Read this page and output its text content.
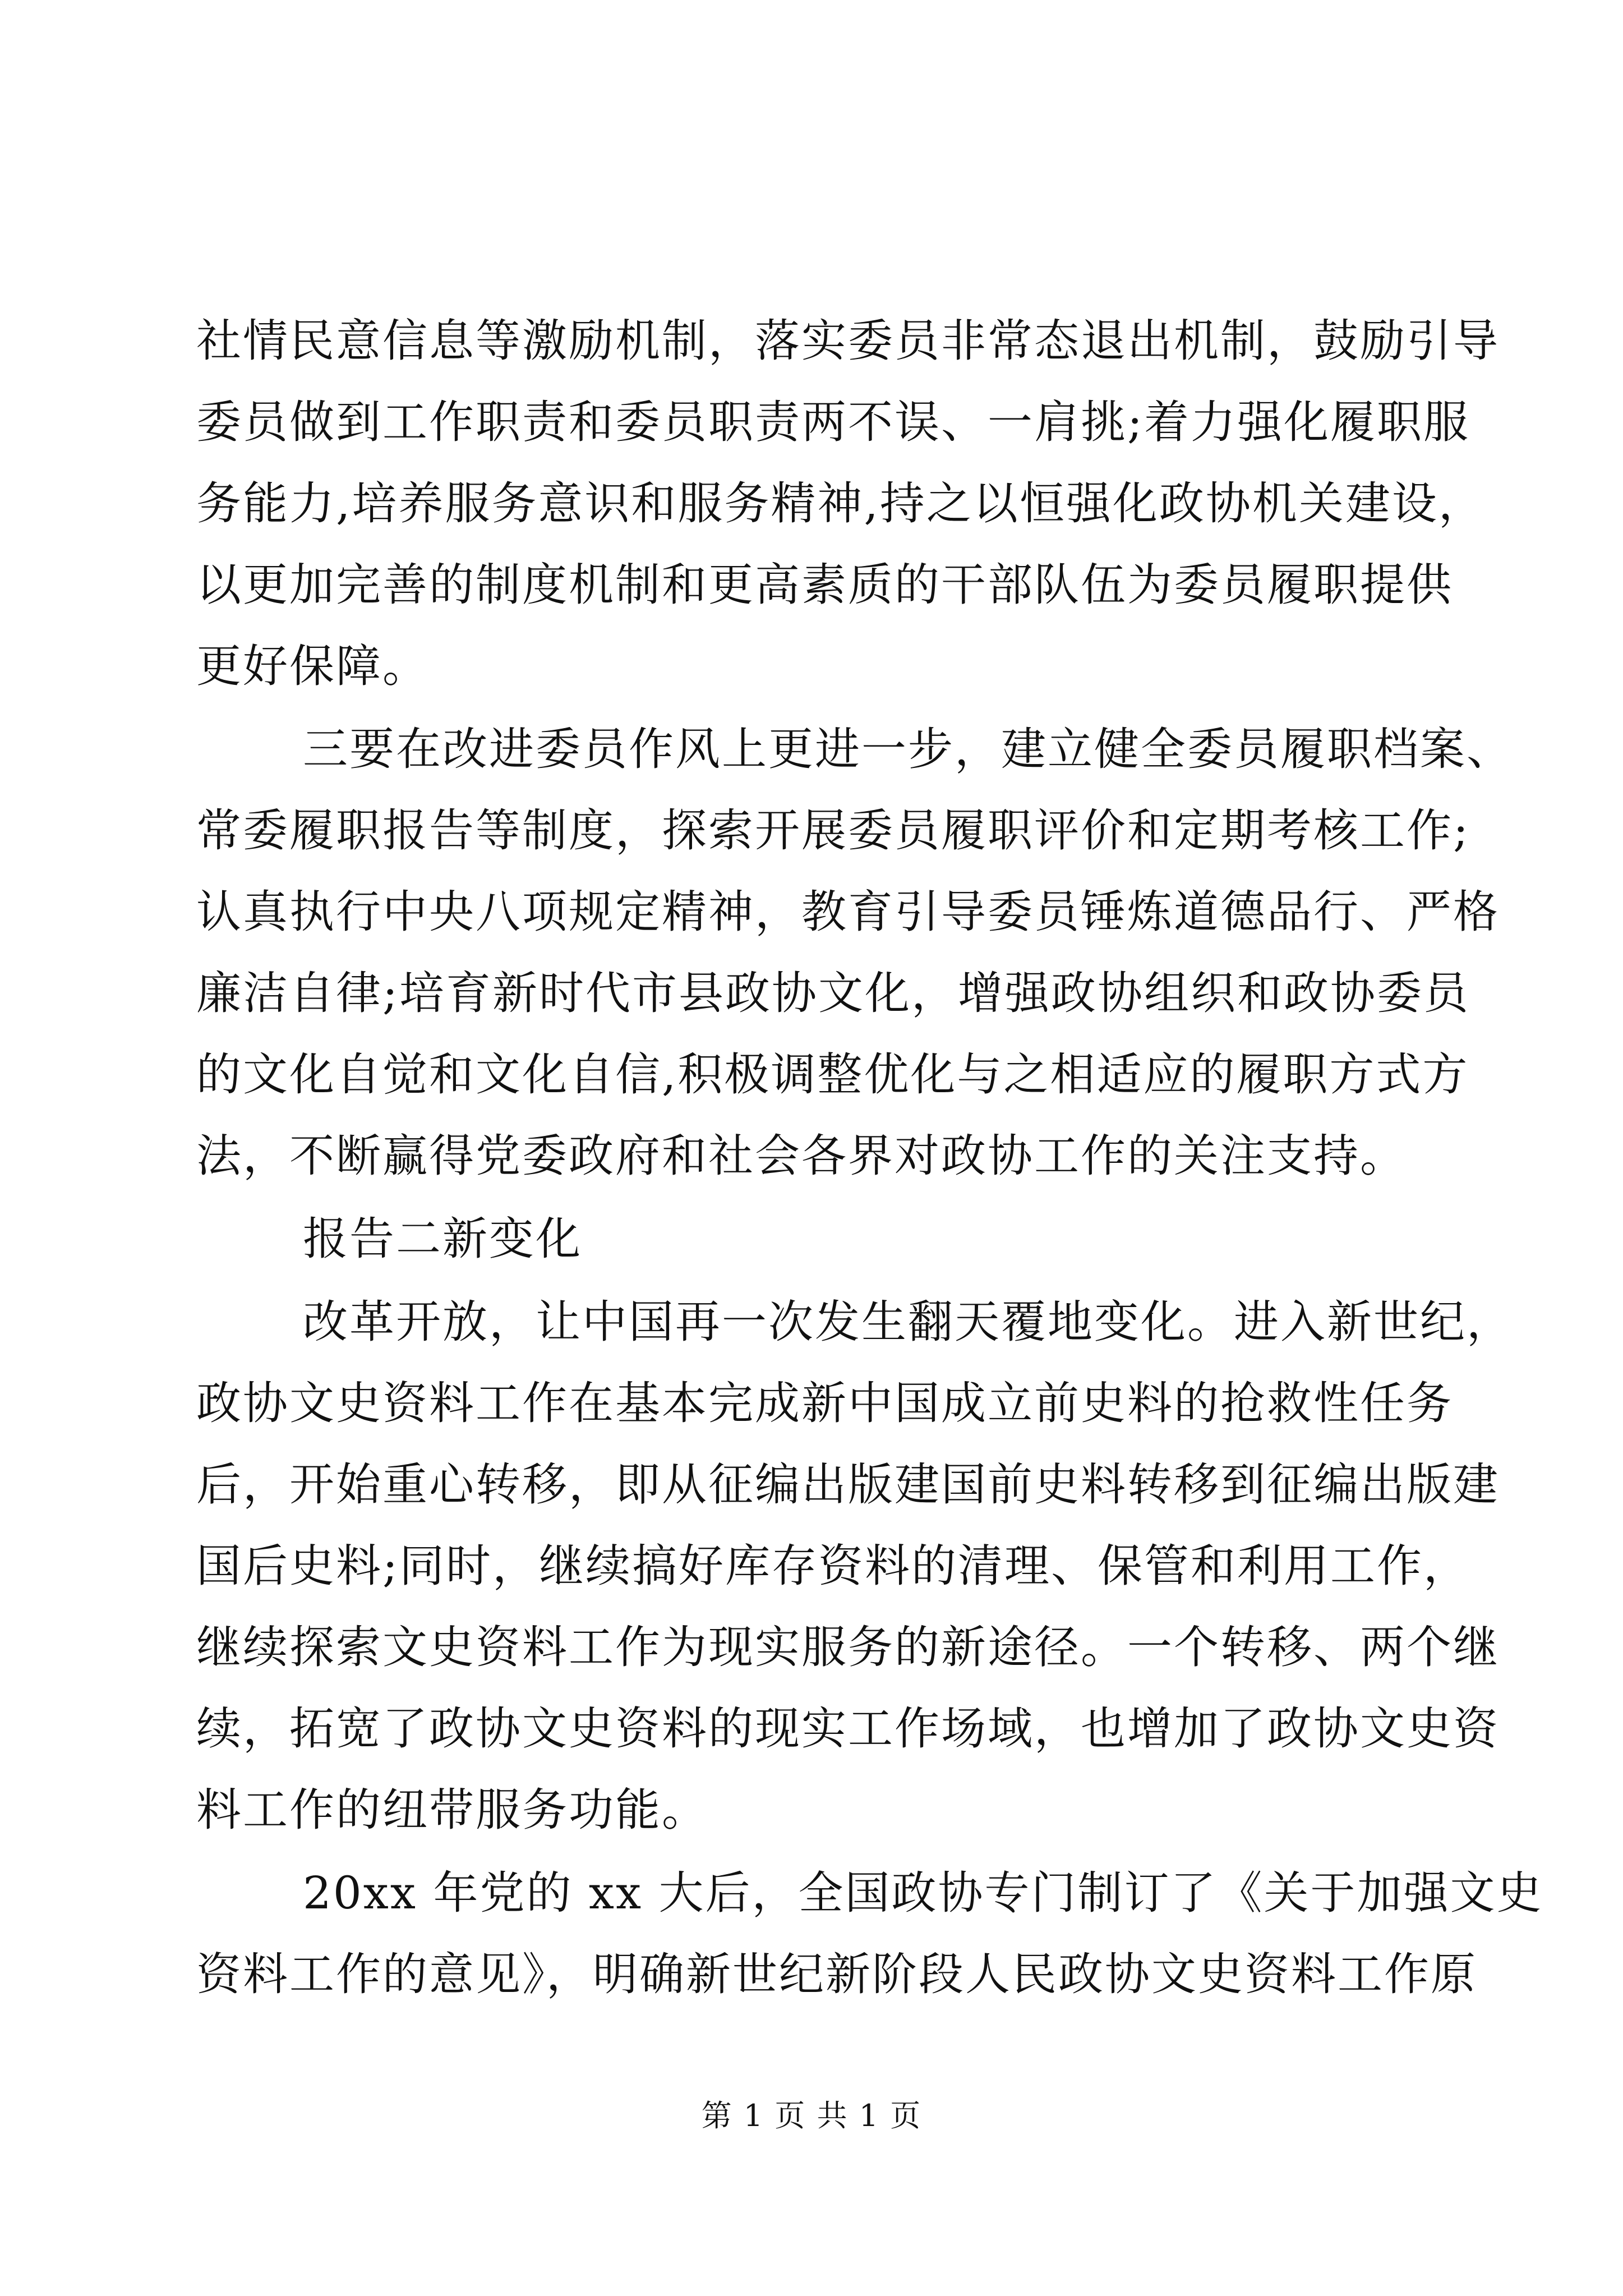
社情民意信息等激励机制，落实委员非常态退出机制，鼓励引导

委员做到工作职责和委员职责两不误、一肩挑;着力强化履职服

务能力,培养服务意识和服务精神,持之以恒强化政协机关建设，

以更加完善的制度机制和更高素质的干部队伍为委员履职提供

更好保障。

三要在改进委员作风上更进一步，建立健全委员履职档案、

常委履职报告等制度，探索开展委员履职评价和定期考核工作;

认真执行中央八项规定精神，教育引导委员锤炼道德品行、严格

廉洁自律;培育新时代市县政协文化，增强政协组织和政协委员

的文化自觉和文化自信,积极调整优化与之相适应的履职方式方

法，不断赢得党委政府和社会各界对政协工作的关注支持。

报告二新变化

改革开放，让中国再一次发生翻天覆地变化。进入新世纪，

政协文史资料工作在基本完成新中国成立前史料的抢救性任务

后，开始重心转移，即从征编出版建国前史料转移到征编出版建

国后史料;同时，继续搞好库存资料的清理、保管和利用工作，

继续探索文史资料工作为现实服务的新途径。一个转移、两个继

续，拓宽了政协文史资料的现实工作场域，也增加了政协文史资

料工作的纽带服务功能。

20xx 年党的 xx 大后，全国政协专门制订了《关于加强文史

资料工作的意见》，明确新世纪新阶段人民政协文史资料工作原

第 1 页 共 1 页
